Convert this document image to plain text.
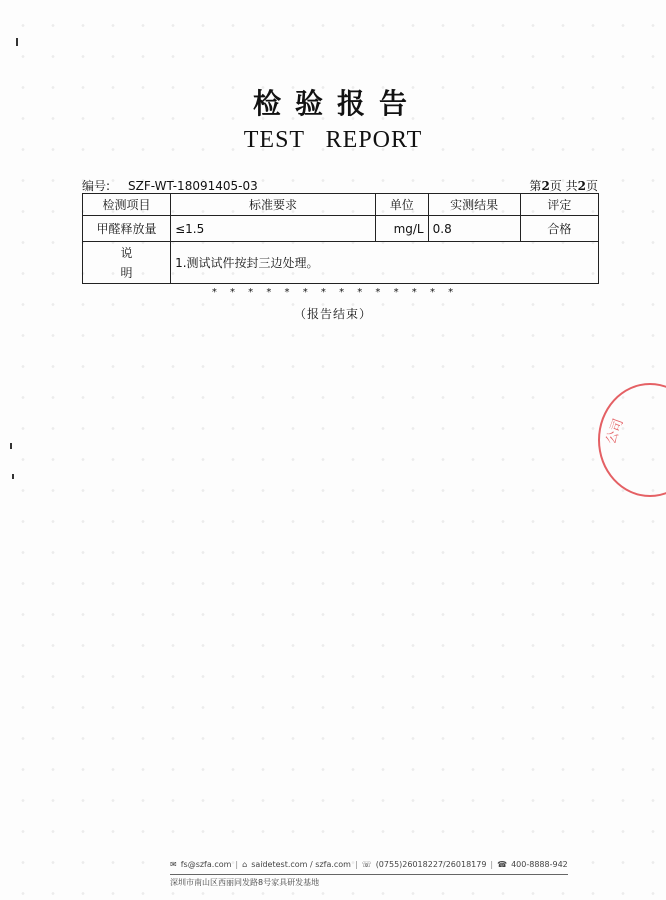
检验报告
TEST REPORT
编号: SZF-WT-18091405-03	第2页 共2页
检测项目	标准要求	单位	实测结果	评定
甲醛释放量	≤1.5	mg/L	0.8	合格

说
明	1.测试试件按封三边处理。			
* * * * * * * * * * * * * *
（报告结束）
公司
✉ fs@szfa.com | ⌂ saidetest.com / szfa.com | ☏ (0755)26018227/26018179 | ☎ 400-8888-942
深圳市南山区西丽同发路8号家具研发基地
